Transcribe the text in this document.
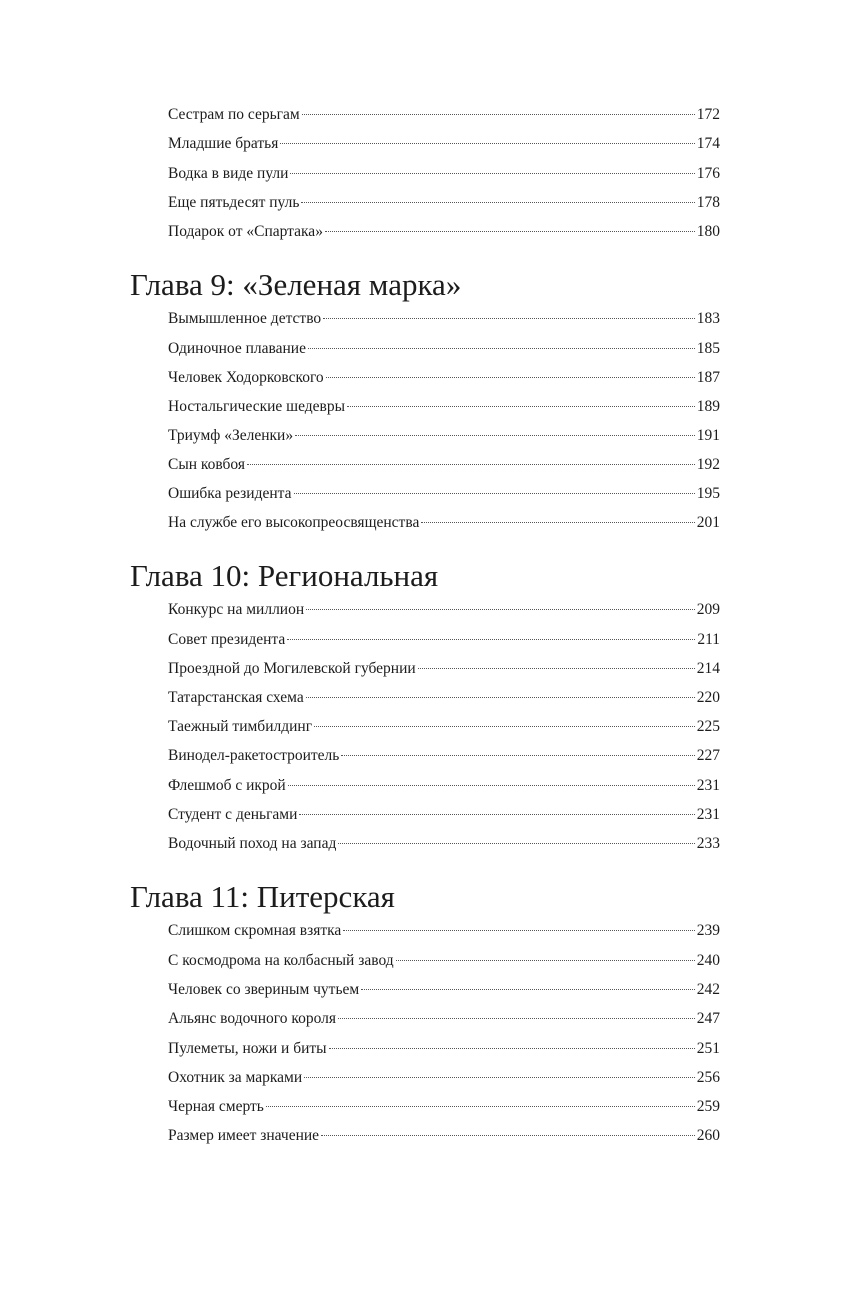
Сестрам по серьгам	172
Младшие братья	174
Водка в виде пули	176
Еще пятьдесят пуль	178
Подарок от «Спартака»	180
Глава 9: «Зеленая марка»
Вымышленное детство	183
Одиночное плавание	185
Человек Ходорковского	187
Ностальгические шедевры	189
Триумф «Зеленки»	191
Сын ковбоя	192
Ошибка резидента	195
На службе его высокопреосвященства	201
Глава 10: Региональная
Конкурс на миллион	209
Совет президента	211
Проездной до Могилевской губернии	214
Татарстанская схема	220
Таежный тимбилдинг	225
Винодел-ракетостроитель	227
Флешмоб с икрой	231
Студент с деньгами	231
Водочный поход на запад	233
Глава 11: Питерская
Слишком скромная взятка	239
С космодрома на колбасный завод	240
Человек со звериным чутьем	242
Альянс водочного короля	247
Пулеметы, ножи и биты	251
Охотник за марками	256
Черная смерть	259
Размер имеет значение	260
